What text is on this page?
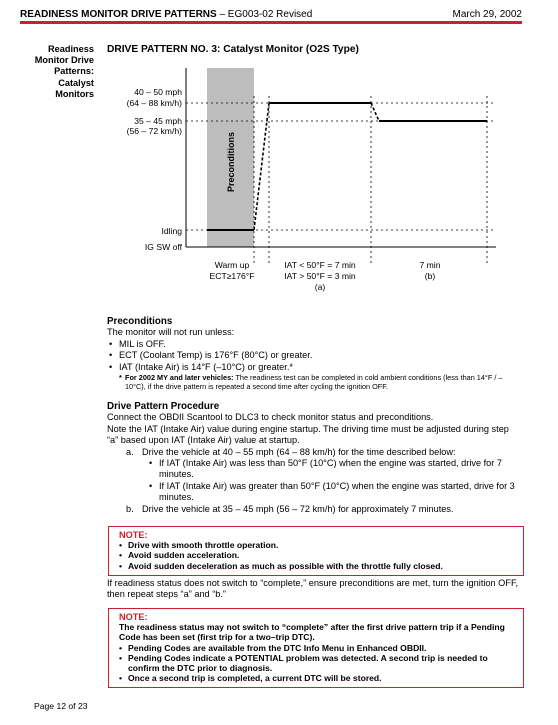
READINESS MONITOR DRIVE PATTERNS – EG003-02 Revised	March 29, 2002
Readiness Monitor Drive Patterns: Catalyst Monitors
DRIVE PATTERN NO. 3: Catalyst Monitor (O2S Type)
Preconditions
40 – 50 mph
(64 – 88 km/h)
35 – 45 mph
(56 – 72 km/h)
Idling
IG SW off
Warm up
ECT≥176°F
IAT < 50°F = 7 min
IAT > 50°F = 3 min
(a)
7 min
(b)
Preconditions
The monitor will not run unless:
• MIL is OFF.
• ECT (Coolant Temp) is 176°F (80°C) or greater.
• IAT (Intake Air) is 14°F (–10°C) or greater.*
* For 2002 MY and later vehicles: The readiness test can be completed in cold ambient conditions (less than 14°F / –10°C), if the drive pattern is repeated a second time after cycling the ignition OFF.
Drive Pattern Procedure
Connect the OBDII Scantool to DLC3 to check monitor status and preconditions.
Note the IAT (Intake Air) value during engine startup. The driving time must be adjusted during step “a” based upon IAT (Intake Air) value at startup.
a. Drive the vehicle at 40 – 55 mph (64 – 88 km/h) for the time described below:
• If IAT (Intake Air) was less than 50°F (10°C) when the engine was started, drive for 7 minutes.
• If IAT (Intake Air) was greater than 50°F (10°C) when the engine was started, drive for 3 minutes.
b. Drive the vehicle at 35 – 45 mph (56 – 72 km/h) for approximately 7 minutes.
NOTE:
• Drive with smooth throttle operation.
• Avoid sudden acceleration.
• Avoid sudden deceleration as much as possible with the throttle fully closed.
If readiness status does not switch to “complete,” ensure preconditions are met, turn the ignition OFF, then repeat steps “a” and “b.”
NOTE:
The readiness status may not switch to “complete” after the first drive pattern trip if a Pending Code has been set (first trip for a two–trip DTC).
• Pending Codes are available from the DTC Info Menu in Enhanced OBDII.
• Pending Codes indicate a POTENTIAL problem was detected. A second trip is needed to confirm the DTC prior to diagnosis.
• Once a second trip is completed, a current DTC will be stored.
Page 12 of 23
